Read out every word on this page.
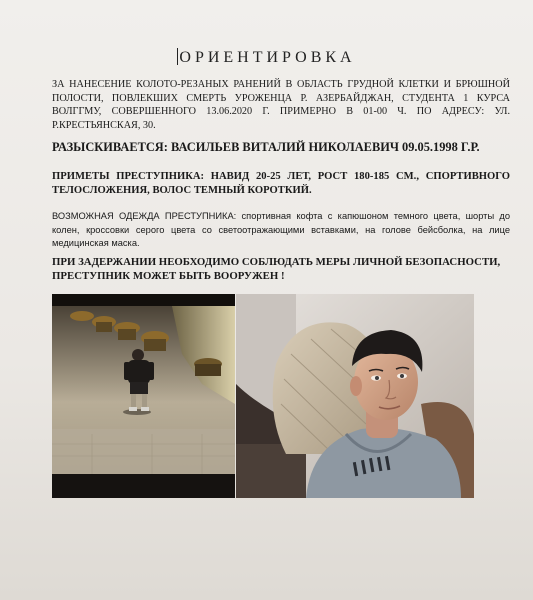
ОРИЕНТИРОВКА
ЗА НАНЕСЕНИЕ КОЛОТО-РЕЗАНЫХ РАНЕНИЙ В ОБЛАСТЬ ГРУДНОЙ КЛЕТКИ И БРЮШНОЙ ПОЛОСТИ, ПОВЛЕКШИХ СМЕРТЬ УРОЖЕНЦА Р. АЗЕРБАЙДЖАН, СТУДЕНТА 1 КУРСА ВОЛГГМУ, СОВЕРШЕННОГО 13.06.2020 Г. ПРИМЕРНО В 01-00 Ч. ПО АДРЕСУ: УЛ. Р.КРЕСТЬЯНСКАЯ, 30.
РАЗЫСКИВАЕТСЯ: ВАСИЛЬЕВ ВИТАЛИЙ НИКОЛАЕВИЧ 09.05.1998 Г.Р.
ПРИМЕТЫ ПРЕСТУПНИКА: НАВИД 20-25 ЛЕТ, РОСТ 180-185 СМ., СПОРТИВНОГО ТЕЛОСЛОЖЕНИЯ, ВОЛОС ТЕМНЫЙ КОРОТКИЙ.
ВОЗМОЖНАЯ ОДЕЖДА ПРЕСТУПНИКА: спортивная кофта с капюшоном темного цвета, шорты до колен, кроссовки серого цвета со светоотражающими вставками, на голове бейсболка, на лице медицинская маска.
ПРИ ЗАДЕРЖАНИИ НЕОБХОДИМО СОБЛЮДАТЬ МЕРЫ ЛИЧНОЙ БЕЗОПАСНОСТИ, ПРЕСТУПНИК МОЖЕТ БЫТЬ ВООРУЖЕН !
